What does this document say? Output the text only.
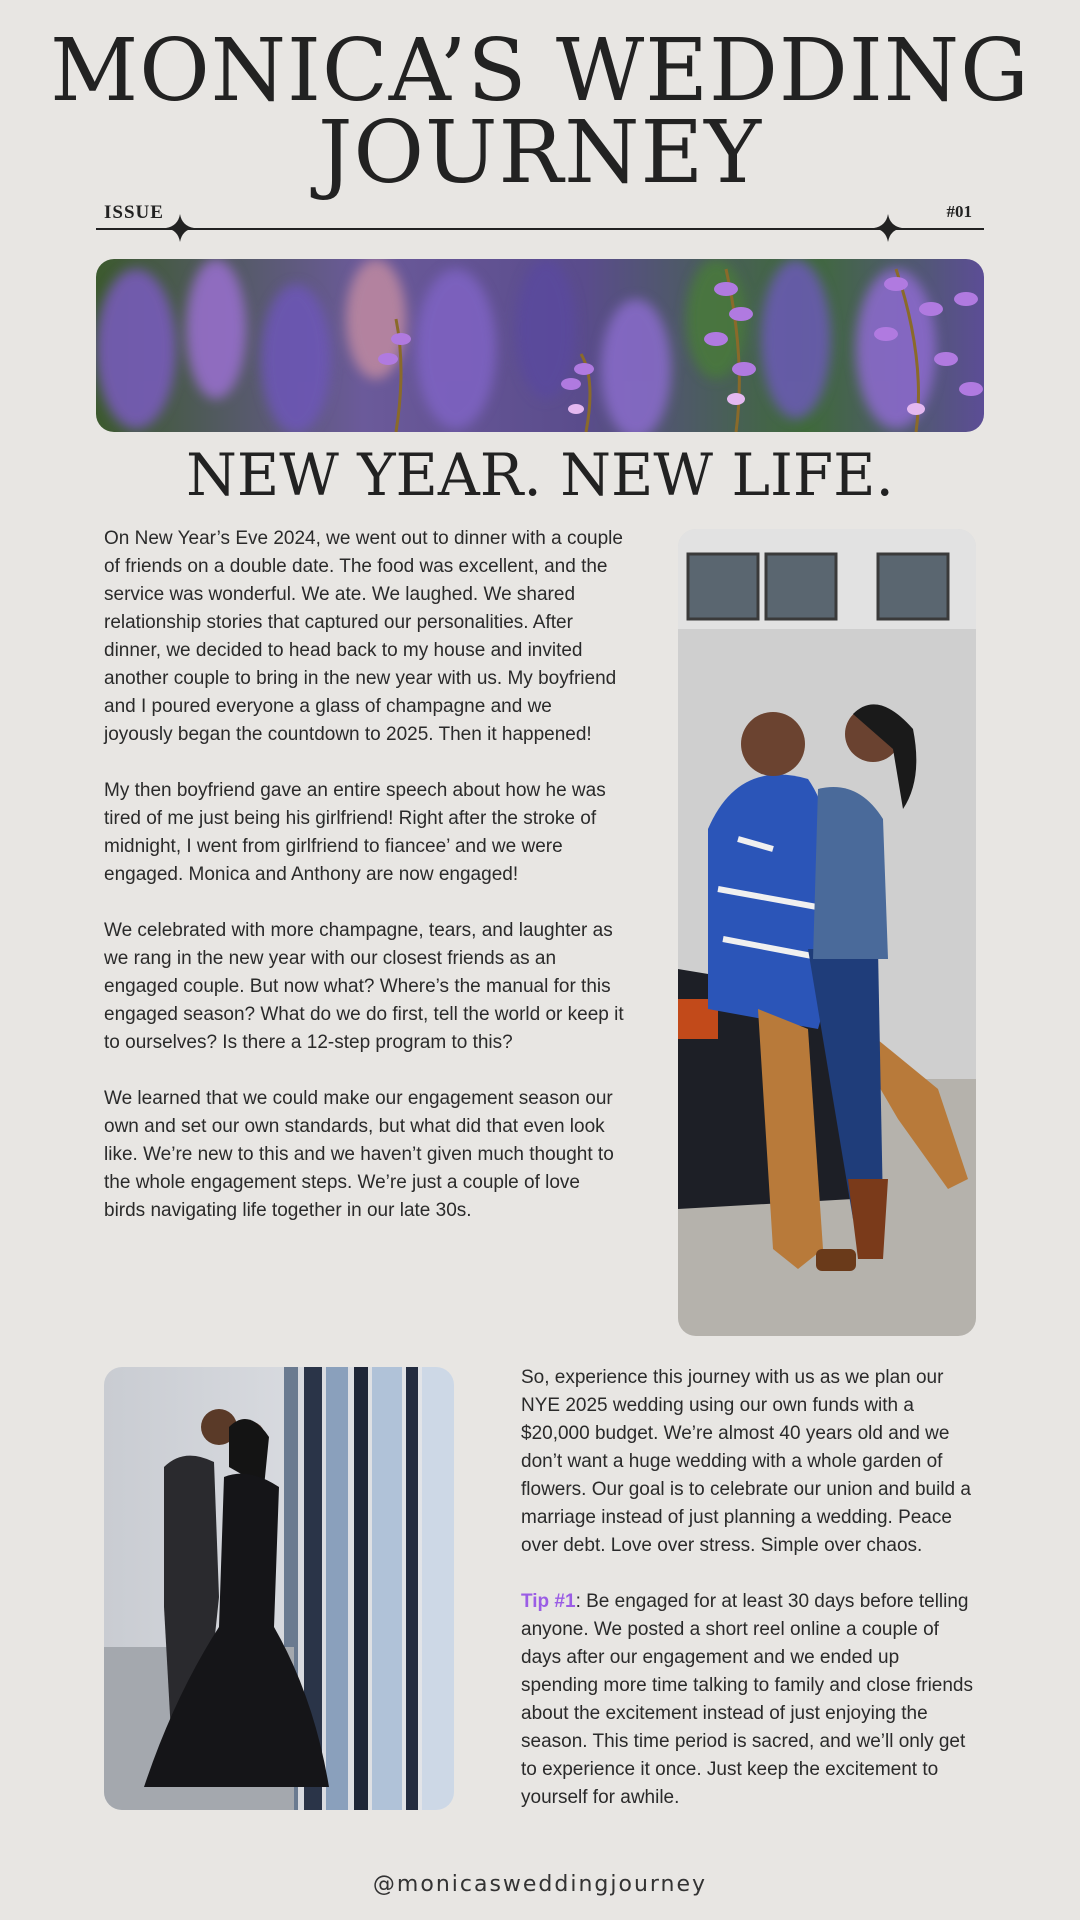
MONICA’S WEDDING
JOURNEY
ISSUE	#01
NEW YEAR. NEW LIFE.

On New Year’s Eve 2024, we went out to dinner with a couple of friends on a double date. The food was excellent, and the service was wonderful. We ate. We laughed. We shared relationship stories that captured our personalities. After dinner, we decided to head back to my house and invited another couple to bring in the new year with us. My boyfriend and I poured everyone a glass of champagne and we joyously began the countdown to 2025. Then it happened!

My then boyfriend gave an entire speech about how he was tired of me just being his girlfriend! Right after the stroke of midnight, I went from girlfriend to fiancee’ and we were engaged. Monica and Anthony are now engaged!

We celebrated with more champagne, tears, and laughter as we rang in the new year with our closest friends as an engaged couple. But now what? Where’s the manual for this engaged season? What do we do first, tell the world or keep it to ourselves? Is there a 12-step program to this?

We learned that we could make our engagement season our own and set our own standards, but what did that even look like. We’re new to this and we haven’t given much thought to the whole engagement steps. We’re just a couple of love birds navigating life together in our late 30s.

So, experience this journey with us as we plan our NYE 2025 wedding using our own funds with a $20,000 budget. We’re almost 40 years old and we don’t want a huge wedding with a whole garden of flowers. Our goal is to celebrate our union and build a marriage instead of just planning a wedding. Peace over debt. Love over stress. Simple over chaos.

Tip #1: Be engaged for at least 30 days before telling anyone. We posted a short reel online a couple of days after our engagement and we ended up spending more time talking to family and close friends about the excitement instead of just enjoying the season. This time period is sacred, and we’ll only get to experience it once. Just keep the excitement to yourself for awhile.

@monicasweddingjourney
